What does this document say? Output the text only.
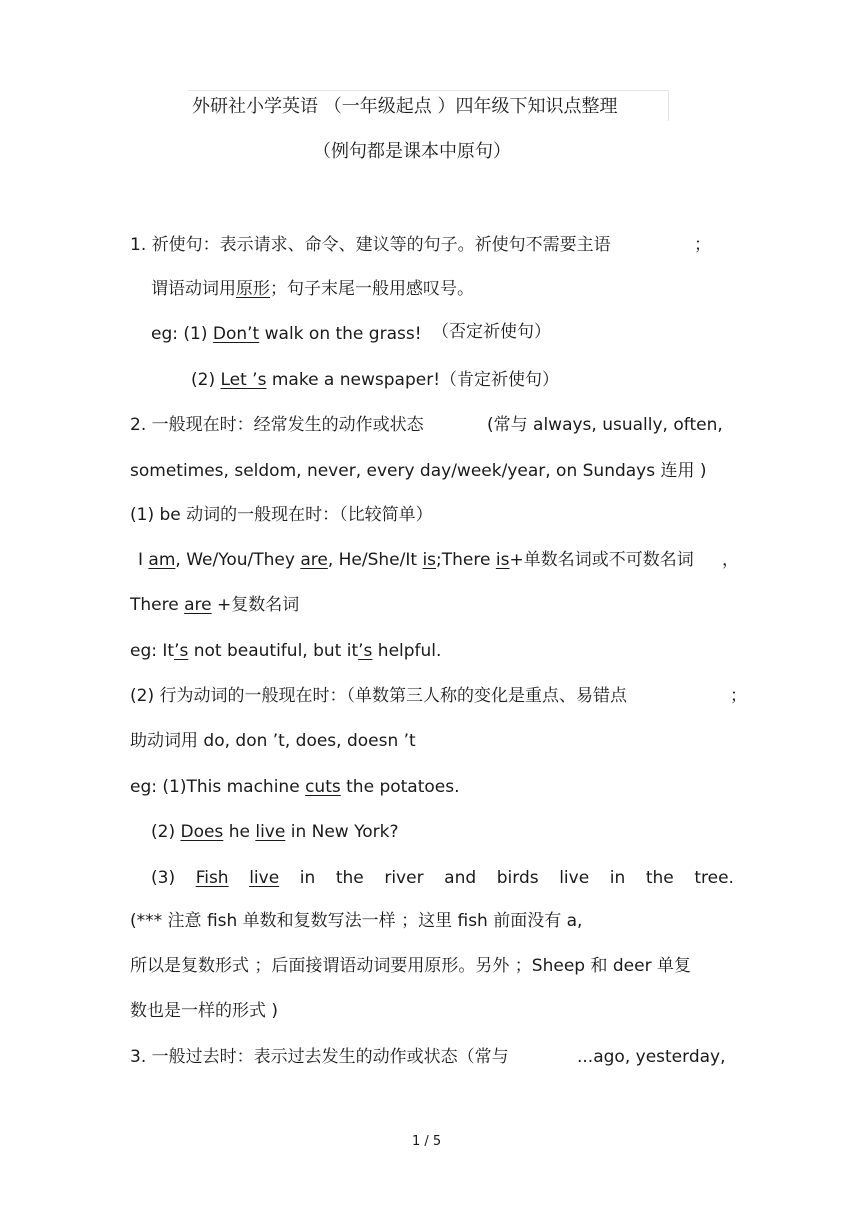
外研社小学英语 （一年级起点 ）四年级下知识点整理
（例句都是课本中原句）
1. 祈使句：表示请求、命令、建议等的句子。祈使句不需要主语	；
谓语动词用原形；句子末尾一般用感叹号。
eg: (1) Don’t walk on the grass! （否定祈使句）
(2) Let ’s make a newspaper!（肯定祈使句）
2. 一般现在时：经常发生的动作或状态	(常与 always, usually, often,
sometimes, seldom, never, every day/week/year, on Sundays 连用 )
(1) be 动词的一般现在时：（比较简单）
I am, We/You/They are, He/She/It is;There is+单数名词或不可数名词 ，
There are +复数名词
eg: It’s not beautiful, but it’s helpful.
(2) 行为动词的一般现在时：（单数第三人称的变化是重点、易错点	；
助动词用 do, don ’t, does, doesn ’t
eg: (1)This machine cuts the potatoes.
(2) Does he live in New York?
(3) Fish live in the river and birds live in the tree.
(*** 注意 fish 单数和复数写法一样 ；这里 fish 前面没有 a,
所以是复数形式 ；后面接谓语动词要用原形。另外 ；Sheep 和 deer 单复
数也是一样的形式 )
3. 一般过去时：表示过去发生的动作或状态（常与	...ago, yesterday,
1 / 5
